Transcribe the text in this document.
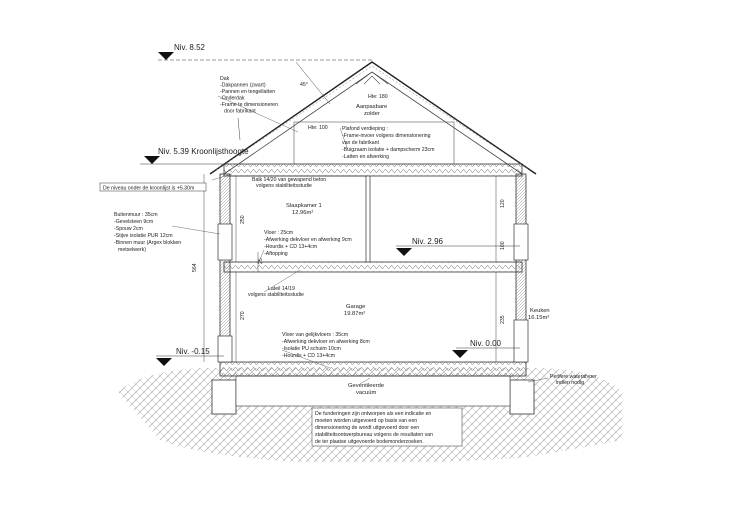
Niv. 8.52
Niv. 5.39 Kroonlijsthoogte
Niv. 2.96
Niv. 0.00
Niv. -0.15
De niveau onder de kroonlijst is +5.30m
Dak
-Dakpannen (zwart)
-Pannen en tengellatten
-Onderdak
-Frame te dimensioneren
door fabrikant
45°
Hte: 180
Hte: 100
Aanpasbare
zolder
Plafond verdieping :
-Frame-invoer volgens dimensionering
van de fabrikant
-Buigzaam isolatie + dampscherm 23cm
-Latten en afwerking
Balk 14/20 van gewapend beton
volgens stabiliteitsstudie
Slaapkamer 1
12.96m²
Buitenmuur : 35cm
-Gevelsteen 9cm
-Spouw 2cm
-Stijve isolatie PUR 12cm
-Binnen muur (Argex blokken
metselwerk)
Vloer : 25cm
-Afwerking dekvloer en afwerking 9cm
-Hourdis + CD 13+4cm
-Aftopping
Lateil 14/19
volgens stabiliteitsstudie
Garage
19.87m²	Keuken
16.15m²
Vloer van gelijkvloers : 35cm
-Afwerking dekvloer en afwerking 8cm
-Isolatie PU schuim 10cm
-Hourdis + CD 13+4cm
Geventileerde
vacuüm
Perifere waterafvoer
indien nodig
De funderingen zijn ontworpen als een indicatie en
moeten worden uitgevoerd op basis van een
dimensionering de wordt uitgevoerd door een
stabiliteitsontwerpbureau volgens de resultaten van
de ter plaatse uitgevoerde bodemonderzoeken.
564
250
270
120
100
235
25
